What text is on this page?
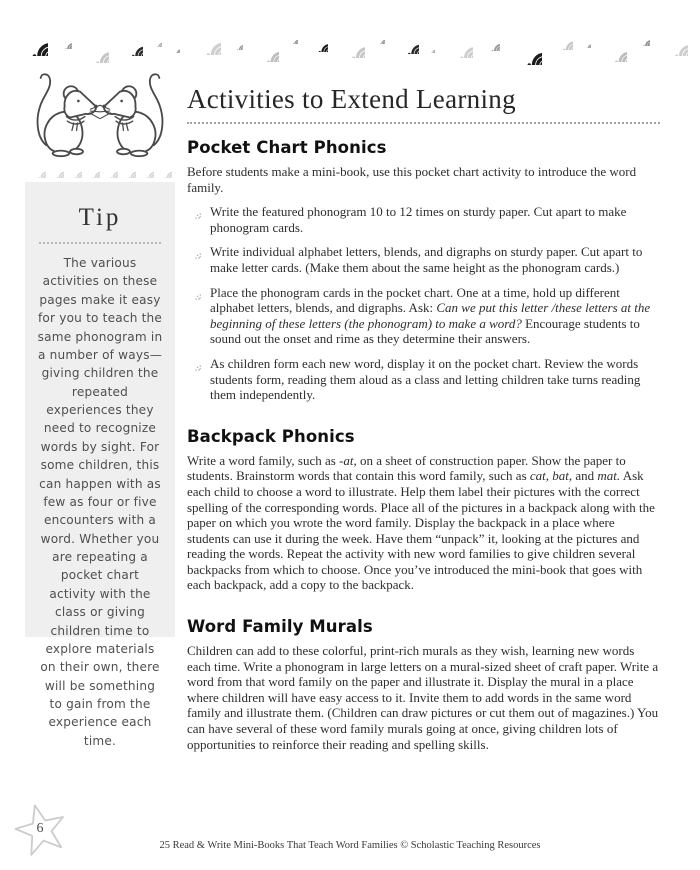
Tip

The various activities on these pages make it easy for you to teach the same phonogram in a number of ways—giving children the repeated experiences they need to recognize words by sight. For some children, this can happen with as few as four or five encounters with a word. Whether you are repeating a pocket chart activity with the class or giving children time to explore materials on their own, there will be something to gain from the experience each time.

6
Activities to Extend Learning
Pocket Chart Phonics

Before students make a mini-book, use this pocket chart activity to introduce the word family.

Write the featured phonogram 10 to 12 times on sturdy paper. Cut apart to make phonogram cards.
Write individual alphabet letters, blends, and digraphs on sturdy paper. Cut apart to make letter cards. (Make them about the same height as the phonogram cards.)
Place the phonogram cards in the pocket chart. One at a time, hold up different alphabet letters, blends, and digraphs. Ask: Can we put this letter /these letters at the beginning of these letters (the phonogram) to make a word? Encourage students to sound out the onset and rime as they determine their answers.
As children form each new word, display it on the pocket chart. Review the words students form, reading them aloud as a class and letting children take turns reading them independently.
Backpack Phonics

Write a word family, such as -at, on a sheet of construction paper. Show the paper to students. Brainstorm words that contain this word family, such as cat, bat, and mat. Ask each child to choose a word to illustrate. Help them label their pictures with the correct spelling of the corresponding words. Place all of the pictures in a backpack along with the paper on which you wrote the word family. Display the backpack in a place where students can use it during the week. Have them “unpack” it, looking at the pictures and reading the words. Repeat the activity with new word families to give children several backpacks from which to choose. Once you’ve introduced the mini-book that goes with each backpack, add a copy to the backpack.

Word Family Murals

Children can add to these colorful, print-rich murals as they wish, learning new words each time. Write a phonogram in large letters on a mural-sized sheet of craft paper. Write a word from that word family on the paper and illustrate it. Display the mural in a place where children will have easy access to it. Invite them to add words in the same word family and illustrate them. (Children can draw pictures or cut them out of magazines.) You can have several of these word family murals going at once, giving children lots of opportunities to reinforce their reading and spelling skills.

25 Read & Write Mini-Books That Teach Word Families © Scholastic Teaching Resources
